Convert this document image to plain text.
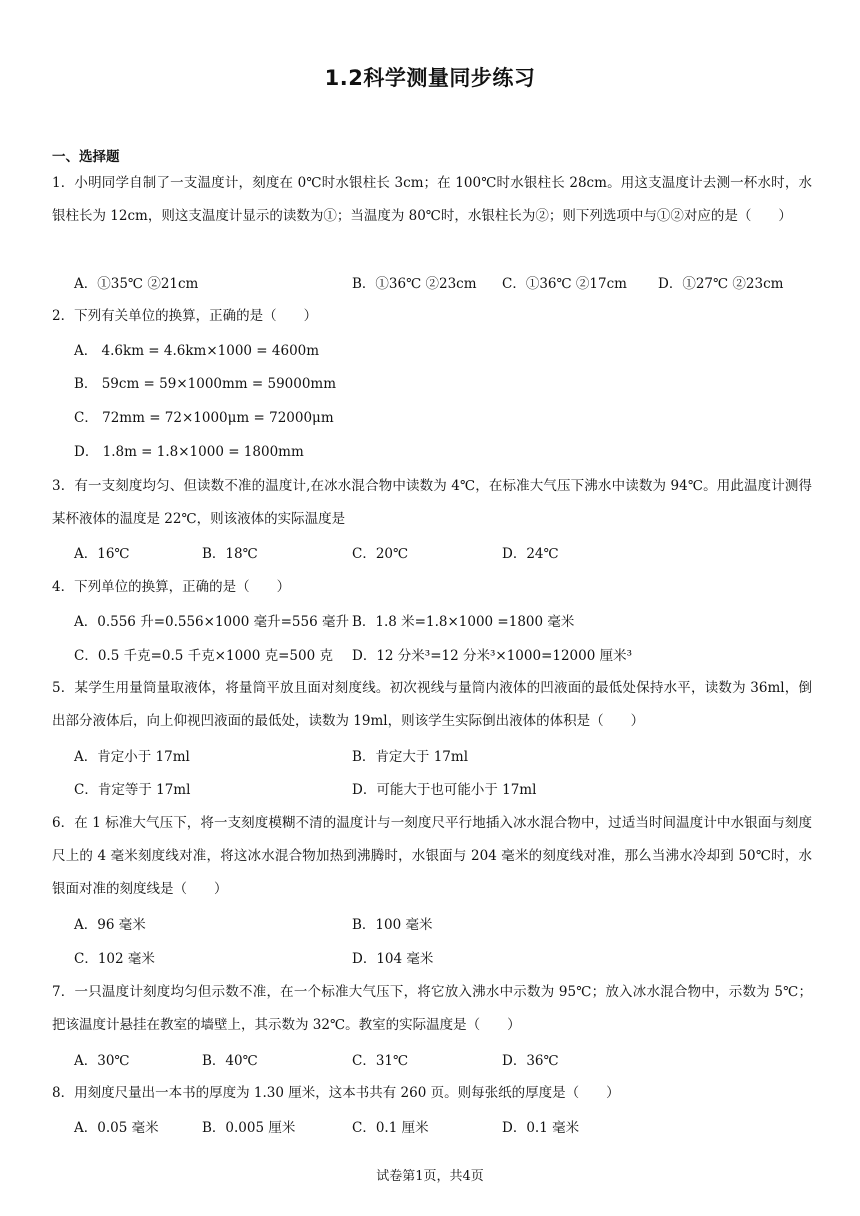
1.2科学测量同步练习
一、选择题
1．小明同学自制了一支温度计，刻度在 0℃时水银柱长 3cm；在 100℃时水银柱长 28cm。用这支温度计去测一杯水时，水银柱长为 12cm，则这支温度计显示的读数为①；当温度为 80℃时，水银柱长为②；则下列选项中与①②对应的是（　　）
A．①35℃ ②21cm	B．①36℃ ②23cm C．①36℃ ②17cm D．①27℃ ②23cm
2．下列有关单位的换算，正确的是（　　）
A． 4.6km = 4.6km×1000 = 4600m
B． 59cm = 59×1000mm = 59000mm
C． 72mm = 72×1000μm = 72000μm
D． 1.8m = 1.8×1000 = 1800mm
3．有一支刻度均匀、但读数不准的温度计,在冰水混合物中读数为 4℃，在标准大气压下沸水中读数为 94℃。用此温度计测得某杯液体的温度是 22℃，则该液体的实际温度是
A．16℃	B．18℃	C．20℃	D．24℃
4．下列单位的换算，正确的是（　　）
A．0.556 升=0.556×1000 毫升=556 毫升 B．1.8 米=1.8×1000 =1800 毫米
C．0.5 千克=0.5 千克×1000 克=500 克 D．12 分米³=12 分米³×1000=12000 厘米³
5．某学生用量筒量取液体，将量筒平放且面对刻度线。初次视线与量筒内液体的凹液面的最低处保持水平，读数为 36ml，倒出部分液体后，向上仰视凹液面的最低处，读数为 19ml，则该学生实际倒出液体的体积是（　　）
A．肯定小于 17ml	B．肯定大于 17ml
C．肯定等于 17ml	D．可能大于也可能小于 17ml
6．在 1 标准大气压下，将一支刻度模糊不清的温度计与一刻度尺平行地插入冰水混合物中，过适当时间温度计中水银面与刻度尺上的 4 毫米刻度线对准，将这冰水混合物加热到沸腾时，水银面与 204 毫米的刻度线对准，那么当沸水冷却到 50℃时，水银面对准的刻度线是（　　）
A．96 毫米	B．100 毫米
C．102 毫米	D．104 毫米
7．一只温度计刻度均匀但示数不准，在一个标准大气压下，将它放入沸水中示数为 95℃；放入冰水混合物中，示数为 5℃；把该温度计悬挂在教室的墙壁上，其示数为 32℃。教室的实际温度是（　　）
A．30℃	B．40℃	C．31℃	D．36℃
8．用刻度尺量出一本书的厚度为 1.30 厘米，这本书共有 260 页。则每张纸的厚度是（　　）
A．0.05 毫米	B．0.005 厘米	C．0.1 厘米	D．0.1 毫米
试卷第1页，共4页
